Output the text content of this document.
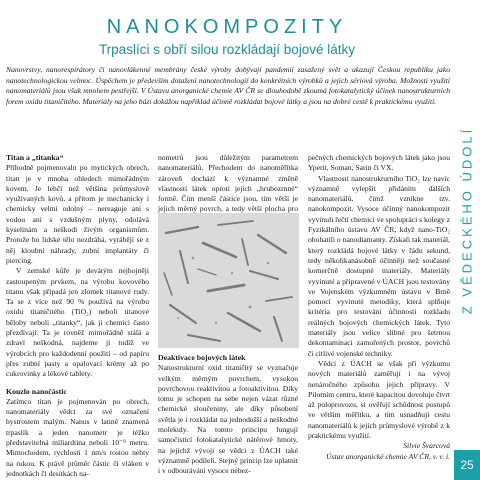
NANOKOMPOZITY
Trpaslíci s obří silou rozkládají bojové látky
Nanovrstvy, nanorespirátory či nanovlákenné membrány české výroby dobývají pandemií zasažený svět a ukazují Českou republiku jako nanotechnologickou velmoc. Úspěchem je především dotažení nanotechnologií do konkrétních výrobků a jejich sériová výroba. Možnosti využití nanomateriálů jsou však mnohem pestřejší. V Ústavu anorganické chemie AV ČR se dlouhodobě zkoumá fotokatalytický účinek nanostrukturních forem oxidu titaničitého. Materiály na jeho bázi dokážou například účinně rozkládat bojové látky a jsou na dobré cestě k praktickému využití.
Titan a „titanka“

Příhodně pojmenovaln po mytických obrech, titan je v mnoha ohledech mimořádným kovem. Je lehčí než většina průmyslově využívaných kovů, a přitom je mechanicky i chemicky velmi odolný – nereaguje ani s vodou ani s vzdušným plyny, odolává kyselinám a neškodí živým organismům. Protože ho lidské tělo nezdráhá, vyrábějí se z něj kloubní náhrady, zubní implantáty či piercing.

V zemské kůře je devátým nejhojněji zastoupeným prvkem, na výrobu kovového titanu však připadá jen zlomek titanové rudy. Ta se z více než 90 % používá na výrobu oxidu titaničitého (TiO₂) neboli titanové běloby neboli „titanky“, jak ji chemici často přezdívají. Ta je rovněž mimořádně stálá a zdraví neškodná, najdeme ji tudíž ve výrobcích pro každodenní použití – od papíru přes zubní pasty a opalovací krémy až po cukrovinky a lékové tablety.

Kouzlo nanočástic

Zatímco titan je pojmenován po obrech, nanomateriály vědci za své označení bystrostem malým. Nanus v latině znamená trpaslík a jeden nanometr je téžko představitelná miliardtina neboli 10⁻⁹ metru. Mimochodem, rychlostí 1 nm/s rostou nehty na rukou. K právě průměr částic či vláken v jednotkách či desítkách na-

nometrů jsou důležitým parametrem nanomateriálů. Přechodem do nanoměřítka zároveň dochází k významné změně vlastností látek oproti jejich „hrubozrnné“ formě. Čím menší částice jsou, tím větší je jejich měrný povrch, a tedy větší plocha pro

Deaktivace bojových látek

Nanostrukturní oxid titaničitý se vyznačuje velkým měrným povrchem, vysokou povrchovou reaktivitou a fotoaktivitou. Díky tomu je schopen na sebe nejen vázat různé chemické sloučeniny, ale díky působení světla je i rozkládat na jednodušší a neškodné molekuly. Na tomto principu fungují samočisticí fotokatalytické nátěrové hmoty, na jejichž vývoji se vědci z ÚACH také významně podíleli. Stejný princip lze uplatnit i v odbourávání vysoce nebez-

pečných chemických bojových látek jako jsou Yperit, Soman, Sarin či VX.

Vlastnosti nanostrukturního TiO₂ lze navíc významně vylepšit přidáním dalších nanomateriálů, čímž vznikne tzv. nanokompozit. Vysoce účinný nanokompozit vyvinuli řečtí chemici ve spolupráci s kolegy z Fyzikálního ústavu AV ČR, když nano-TiO₂ obohatili o nanodiamanty. Získali tak materiál, který rozkládá bojové látky v řádu sekund, tedy několikanásobně účinněji než současné komerčně dostupné materiály. Materiály vyvinuté a připravené v ÚACH jsou testovány ve Vojenském výzkumném ústavu v Brně pomocí vyvinuté metodiky, která splňuje kritéria pro testování účinnosti rozkladu reálných bojových chemických látek. Tyto materiály jsou velice slibné pro šetrnou dekontaminaci zamořených prostor, povrchů či citlivé vojenské techniky.

Vědci z ÚACH se však při výzkumu nových materiálů zaměřují i na vývoj nenáročného způsobu jejich přípravy. V Pilotním centru, které kapacitou dovoluje čtvrt až poloprovozu, si ověřují schůdnost postupů ve větším měřítku, a tím usnadňují cestu nanomateriálů k jejich průmyslové výrobě z k praktickému využití.

Silvie Švarcová

Ústav anorganické chemie AV ČR, v. v. i.

Z VĚDECKÉHO ÚDOLÍ
25
